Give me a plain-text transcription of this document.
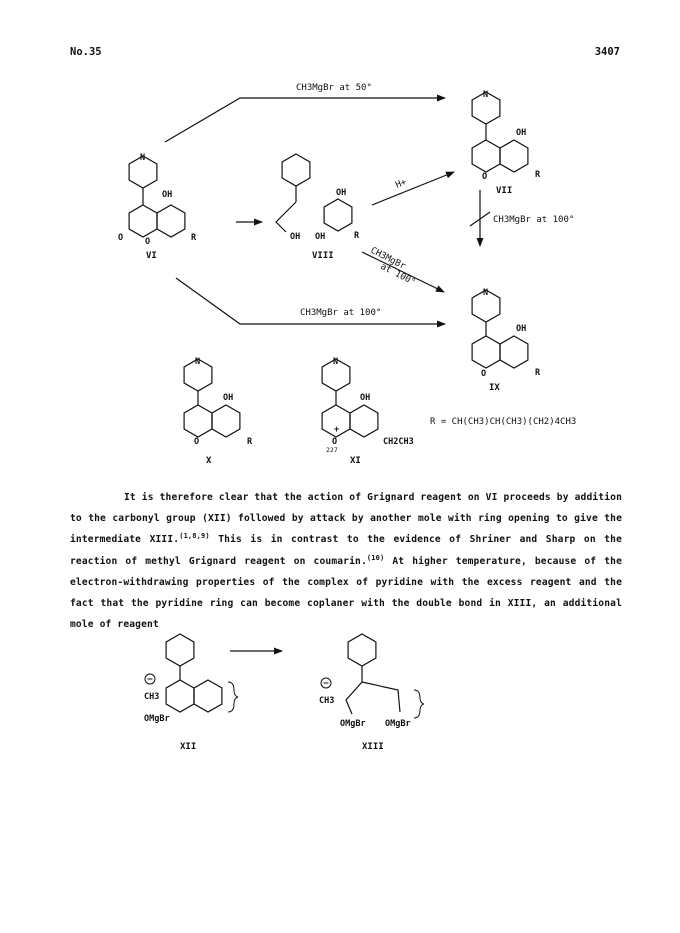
No.35	3407
CH3MgBr at 50°
H+
CH3MgBr at 100°
CH3MgBr
at 100°
CH3MgBr at 100°
N
OH
O	O	R
VI
OH
OH OH	R
VIII
N
OH
O	R
VII
N
OH
O	R
IX
N
OH
O	R
X
N
OH
O
+
CH2CH3
227
XI
R = CH(CH3)CH(CH3)(CH2)4CH3

It is therefore clear that the action of Grignard reagent on VI proceeds by addition to the carbonyl group (XII) followed by attack by another mole with ring opening to give the intermediate XIII.$^{(1,8,9)}$ This is in contrast to the evidence of Shriner and Sharp on the reaction of methyl Grignard reagent on coumarin.$^{(10)}$ At higher temperature, because of the electron-withdrawing properties of the complex of pyridine with the excess reagent and the fact that the pyridine ring can become coplaner with the double bond in XIII, an additional mole of reagent

CH3
OMgBr
XII
CH3
OMgBr OMgBr
XIII
